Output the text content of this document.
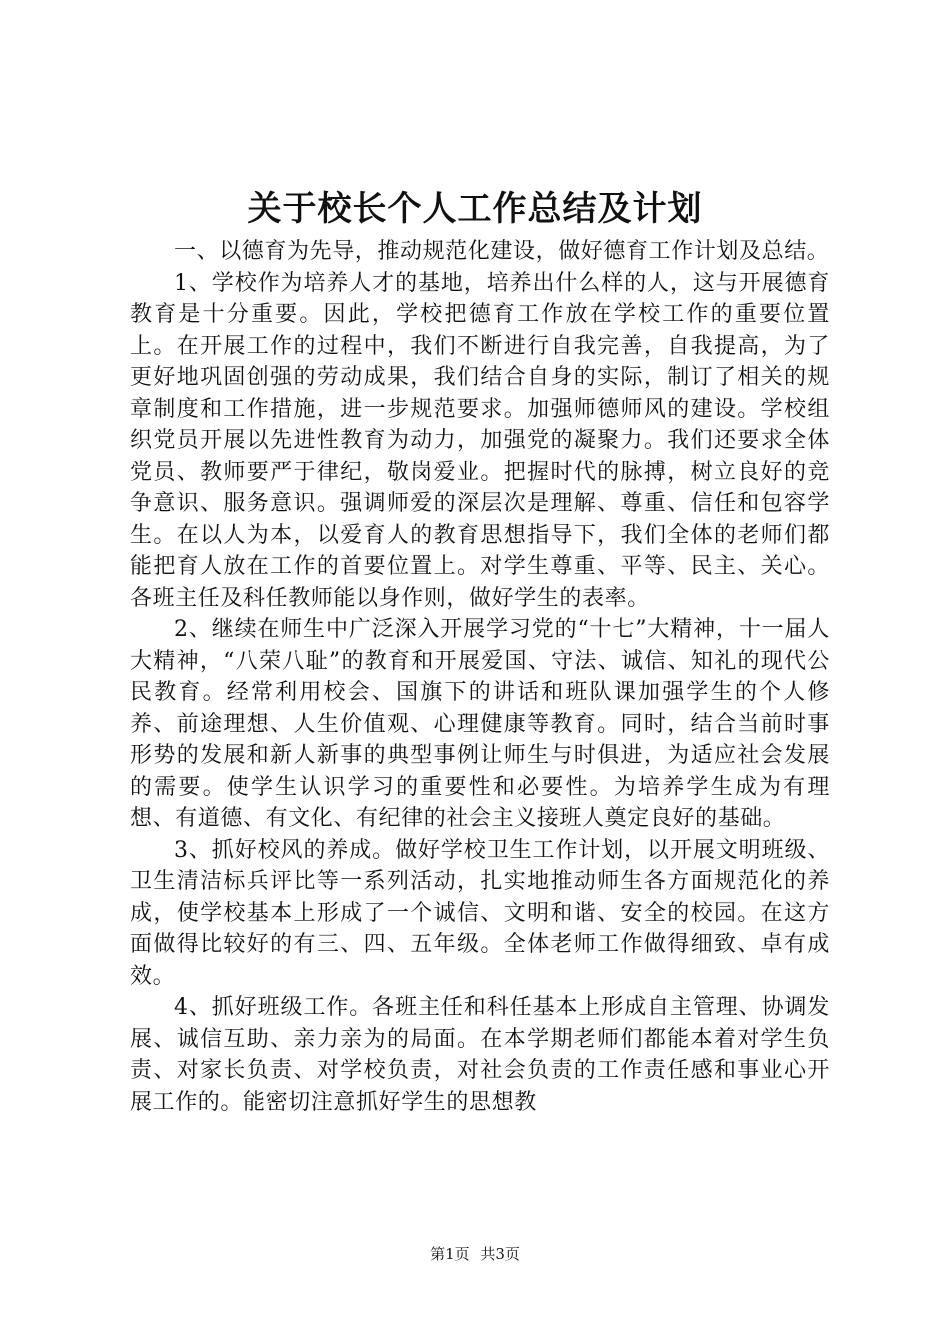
关于校长个人工作总结及计划

一、以德育为先导，推动规范化建设，做好德育工作计划及总结。

1、学校作为培养人才的基地，培养出什么样的人，这与开展德育教育是十分重要。因此，学校把德育工作放在学校工作的重要位置上。在开展工作的过程中，我们不断进行自我完善，自我提高，为了更好地巩固创强的劳动成果，我们结合自身的实际，制订了相关的规章制度和工作措施，进一步规范要求。加强师德师风的建设。学校组织党员开展以先进性教育为动力，加强党的凝聚力。我们还要求全体党员、教师要严于律纪，敬岗爱业。把握时代的脉搏，树立良好的竞争意识、服务意识。强调师爱的深层次是理解、尊重、信任和包容学生。在以人为本，以爱育人的教育思想指导下，我们全体的老师们都能把育人放在工作的首要位置上。对学生尊重、平等、民主、关心。各班主任及科任教师能以身作则，做好学生的表率。

2、继续在师生中广泛深入开展学习党的“十七”大精神，十一届人大精神，“八荣八耻”的教育和开展爱国、守法、诚信、知礼的现代公民教育。经常利用校会、国旗下的讲话和班队课加强学生的个人修养、前途理想、人生价值观、心理健康等教育。同时，结合当前时事形势的发展和新人新事的典型事例让师生与时俱进，为适应社会发展的需要。使学生认识学习的重要性和必要性。为培养学生成为有理想、有道德、有文化、有纪律的社会主义接班人奠定良好的基础。

3、抓好校风的养成。做好学校卫生工作计划，以开展文明班级、卫生清洁标兵评比等一系列活动，扎实地推动师生各方面规范化的养成，使学校基本上形成了一个诚信、文明和谐、安全的校园。在这方面做得比较好的有三、四、五年级。全体老师工作做得细致、卓有成效。

4、抓好班级工作。各班主任和科任基本上形成自主管理、协调发展、诚信互助、亲力亲为的局面。在本学期老师们都能本着对学生负责、对家长负责、对学校负责，对社会负责的工作责任感和事业心开展工作的。能密切注意抓好学生的思想教

第1页 共3页
